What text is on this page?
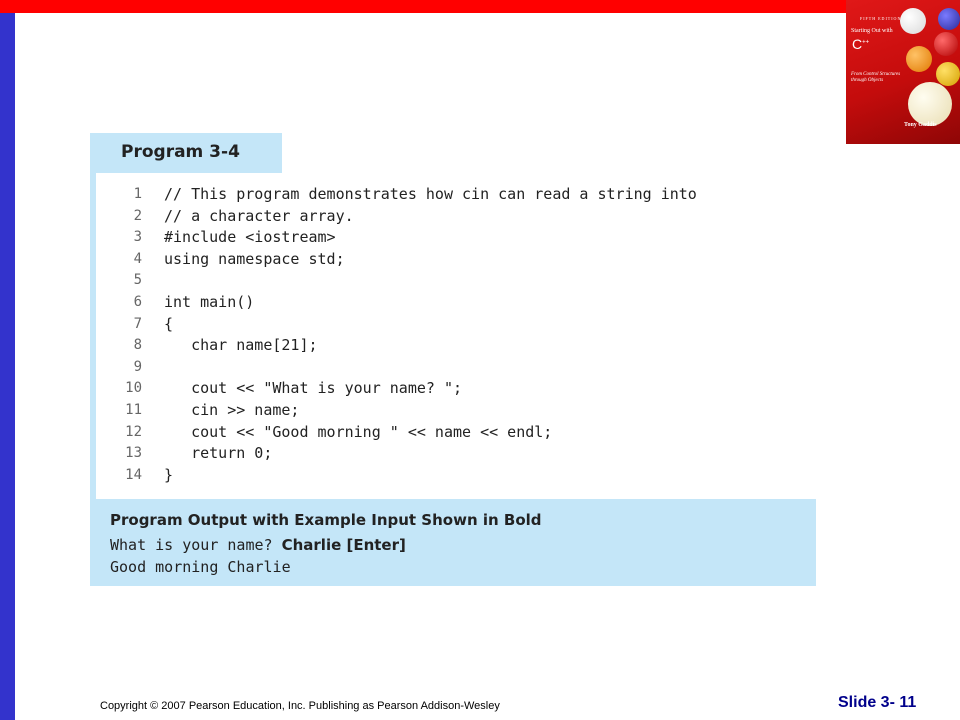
FIFTH EDITION
Starting Out with
C++
From Control Structures through Objects
Tony Gaddis
Program 3-4
1 // This program demonstrates how cin can read a string into
2 // a character array.
3 #include <iostream>
4 using namespace std;
5
6 int main()
7 {
8 char name[21];
9
10 cout << "What is your name? ";
11 cin >> name;
12 cout << "Good morning " << name << endl;
13 return 0;
14 }
Program Output with Example Input Shown in Bold
What is your name? Charlie [Enter]
Good morning Charlie
Copyright © 2007 Pearson Education, Inc. Publishing as Pearson Addison-Wesley	Slide 3- 11
